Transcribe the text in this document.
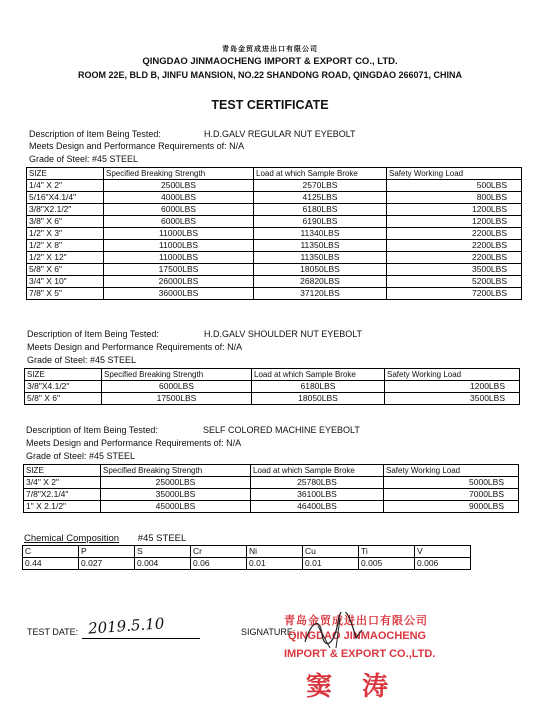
青岛金贸成进出口有限公司
QINGDAO JINMAOCHENG IMPORT & EXPORT CO., LTD.
ROOM 22E, BLD B, JINFU MANSION, NO.22 SHANDONG ROAD, QINGDAO 266071, CHINA
TEST CERTIFICATE
Description of Item Being Tested:	H.D.GALV REGULAR NUT EYEBOLT
Meets Design and Performance Requirements of: N/A
Grade of Steel: #45 STEEL
SIZE	Specified Breaking Strength	Load at which Sample Broke	Safety Working Load
1/4" X 2"	2500LBS	2570LBS	500LBS
5/16"X4.1/4"	4000LBS	4125LBS	800LBS
3/8"X2.1/2"	6000LBS	6180LBS	1200LBS
3/8" X 6"	6000LBS	6190LBS	1200LBS
1/2" X 3"	11000LBS	11340LBS	2200LBS
1/2" X 8"	11000LBS	11350LBS	2200LBS
1/2" X 12"	11000LBS	11350LBS	2200LBS
5/8" X 6"	17500LBS	18050LBS	3500LBS
3/4" X 10"	26000LBS	26820LBS	5200LBS
7/8" X 5"	36000LBS	37120LBS	7200LBS
Description of Item Being Tested:	H.D.GALV SHOULDER NUT EYEBOLT
Meets Design and Performance Requirements of: N/A
Grade of Steel: #45 STEEL
SIZE	Specified Breaking Strength	Load at which Sample Broke	Safety Working Load
3/8"X4.1/2"	6000LBS	6180LBS	1200LBS
5/8" X 6"	17500LBS	18050LBS	3500LBS
Description of Item Being Tested:	SELF COLORED MACHINE EYEBOLT
Meets Design and Performance Requirements of: N/A
Grade of Steel: #45 STEEL
SIZE	Specified Breaking Strength	Load at which Sample Broke	Safety Working Load
3/4" X 2"	25000LBS	25780LBS	5000LBS
7/8"X2.1/4"	35000LBS	36100LBS	7000LBS
1" X 2.1/2"	45000LBS	46400LBS	9000LBS
Chemical Composition #45 STEEL
C	P	S	Cr	Ni	Cu	Ti	V
0.44	0.027	0.004	0.06	0.01	0.01	0.005	0.006
TEST DATE: 2019.5.10	SIGNATURE:
青岛金贸成进出口有限公司
QINGDAO JINMAOCHENG
IMPORT & EXPORT CO.,LTD.
窦涛
